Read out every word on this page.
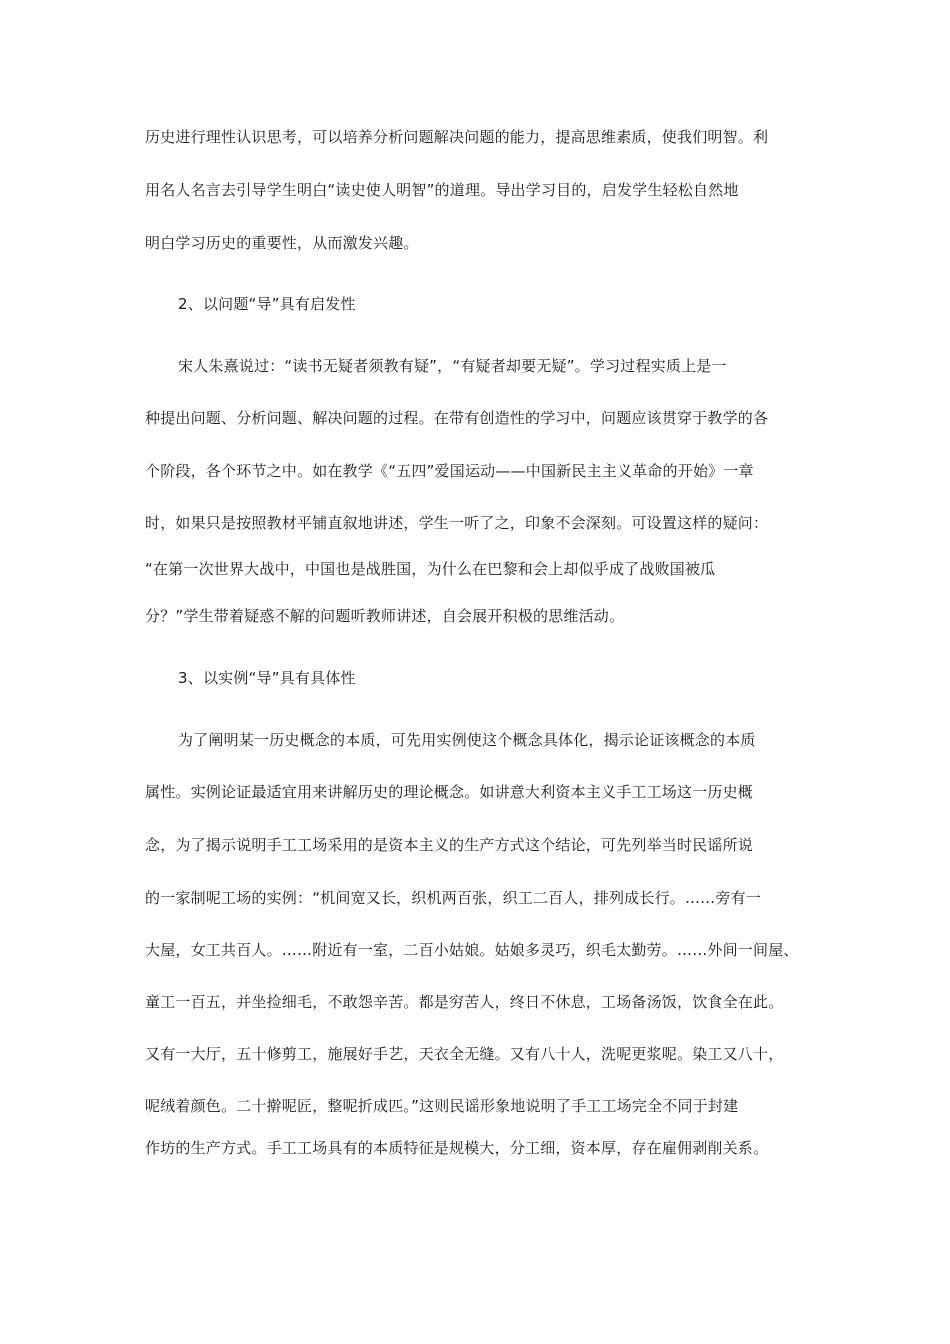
历史进行理性认识思考，可以培养分析问题解决问题的能力，提高思维素质，使我们明智。利
用名人名言去引导学生明白“读史使人明智”的道理。导出学习目的，启发学生轻松自然地
明白学习历史的重要性，从而激发兴趣。
2、以问题“导”具有启发性
宋人朱熹说过：“读书无疑者须教有疑”，“有疑者却要无疑”。学习过程实质上是一
种提出问题、分析问题、解决问题的过程。在带有创造性的学习中，问题应该贯穿于教学的各
个阶段，各个环节之中。如在教学《“五四”爱国运动——中国新民主主义革命的开始》一章
时，如果只是按照教材平铺直叙地讲述，学生一听了之，印象不会深刻。可设置这样的疑问：
“在第一次世界大战中，中国也是战胜国，为什么在巴黎和会上却似乎成了战败国被瓜
分？”学生带着疑惑不解的问题听教师讲述，自会展开积极的思维活动。
3、以实例“导”具有具体性
为了阐明某一历史概念的本质，可先用实例使这个概念具体化，揭示论证该概念的本质
属性。实例论证最适宜用来讲解历史的理论概念。如讲意大利资本主义手工工场这一历史概
念，为了揭示说明手工工场采用的是资本主义的生产方式这个结论，可先列举当时民谣所说
的一家制呢工场的实例：“机间宽又长，织机两百张，织工二百人，排列成长行。……旁有一
大屋，女工共百人。……附近有一室，二百小姑娘。姑娘多灵巧，织毛太勤劳。……外间一间屋、
童工一百五，并坐捡细毛，不敢怨辛苦。都是穷苦人，终日不休息，工场备汤饭，饮食全在此。
又有一大厅，五十修剪工，施展好手艺，天衣全无缝。又有八十人，洗呢更浆呢。染工又八十，
呢绒着颜色。二十擀呢匠，整呢折成匹。”这则民谣形象地说明了手工工场完全不同于封建
作坊的生产方式。手工工场具有的本质特征是规模大，分工细，资本厚，存在雇佣剥削关系。
